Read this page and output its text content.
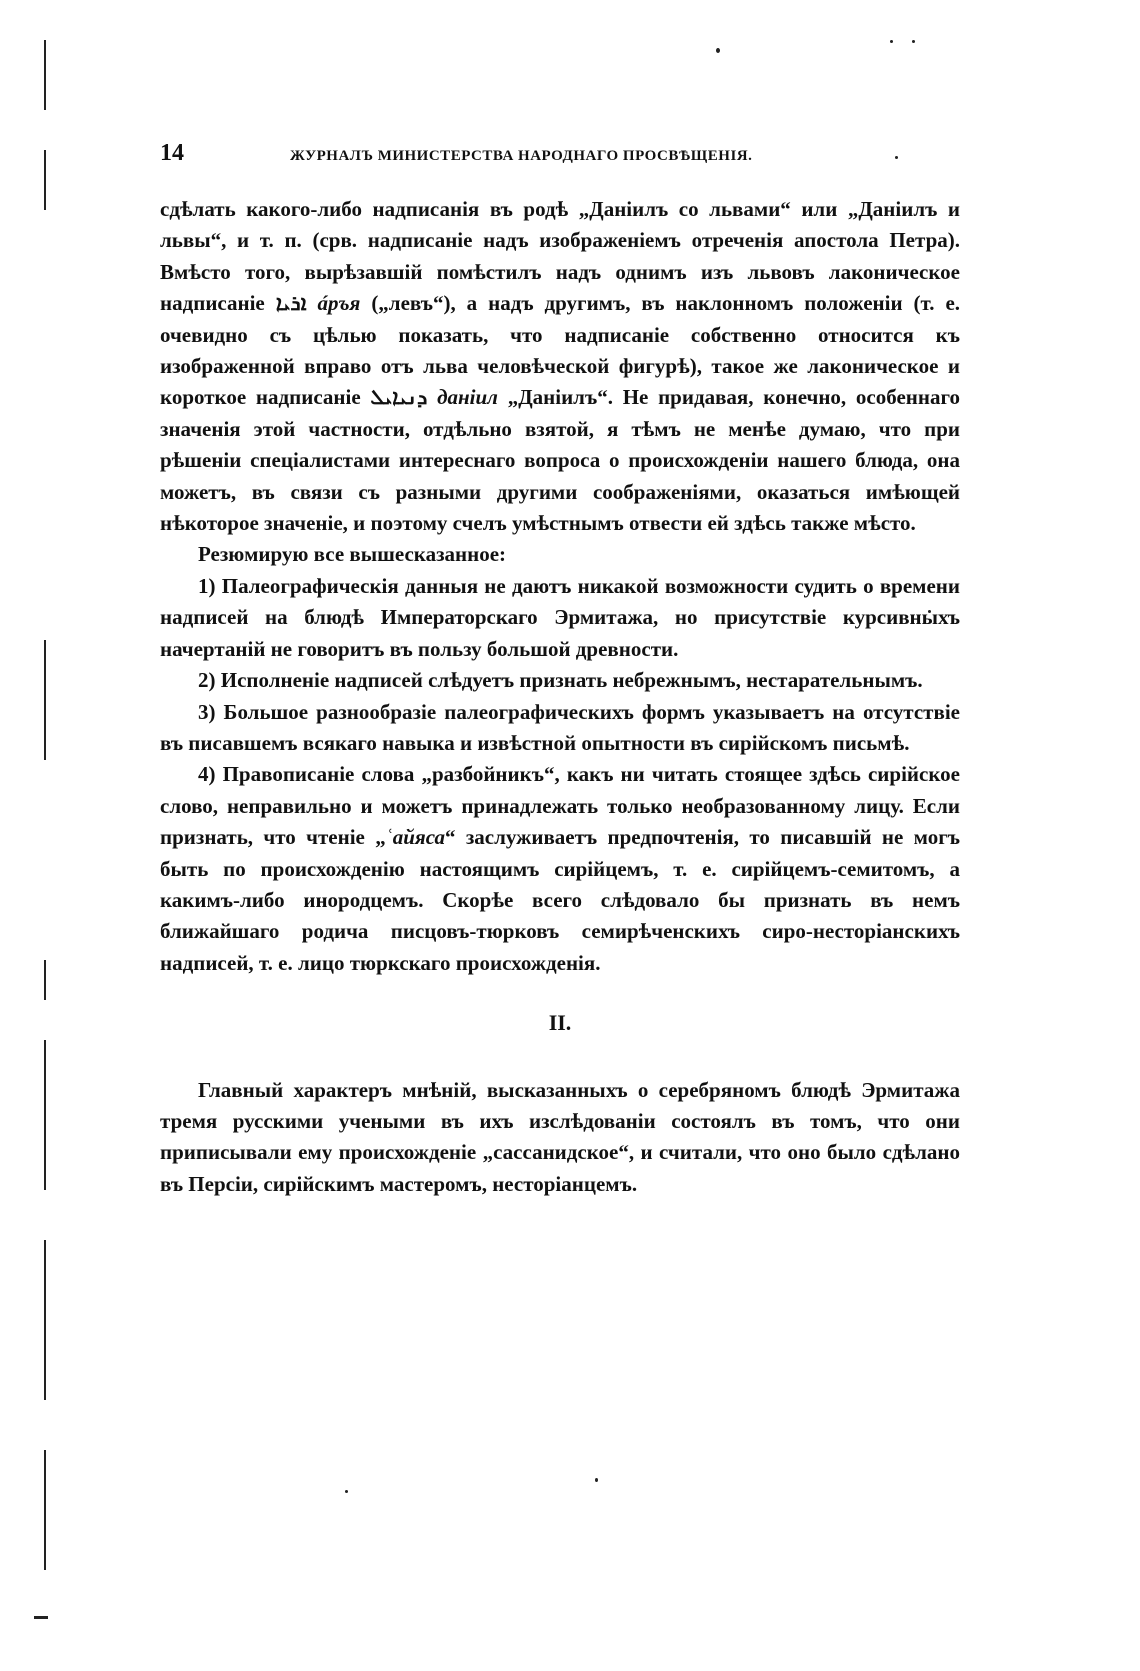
14	ЖУРНАЛЪ МИНИСТЕРСТВА НАРОДНАГО ПРОСВѢЩЕНІЯ.

сдѣлать какого-либо надписанія въ родѣ „Даніилъ со львами“ или „Даніилъ и львы“, и т. п. (срв. надписаніе надъ изображеніемъ отреченія апостола Петра). Вмѣсто того, вырѣзавшій помѣстилъ надъ однимъ изъ львовъ лаконическое надписаніе ܐܪܝܐ ápъя („левъ“), а надъ другимъ, въ наклонномъ положеніи (т. е. очевидно съ цѣлью показать, что надписаніе собственно относится къ изображенной вправо отъ льва человѣческой фигурѣ), такое же лаконическое и короткое надписаніе ܕܢܝܐܝܠ даніил „Даніилъ“. Не придавая, конечно, особеннаго значенія этой частности, отдѣльно взятой, я тѣмъ не менѣе думаю, что при рѣшеніи спеціалистами интереснаго вопроса о происхожденіи нашего блюда, она можетъ, въ связи съ разными другими соображеніями, оказаться имѣющей нѣкоторое значеніе, и поэтому счелъ умѣстнымъ отвести ей здѣсь также мѣсто.

Резюмирую все вышесказанное:

1) Палеографическія данныя не даютъ никакой возможности судить о времени надписей на блюдѣ Императорскаго Эрмитажа, но присутствіе курсивныхъ начертаній не говоритъ въ пользу большой древности.

2) Исполненіе надписей слѣдуетъ признать небрежнымъ, нестарательнымъ.

3) Большое разнообразіе палеографическихъ формъ указываетъ на отсутствіе въ писавшемъ всякаго навыка и извѣстной опытности въ сирійскомъ письмѣ.

4) Правописаніе слова „разбойникъ“, какъ ни читать стоящее здѣсь сирійское слово, неправильно и можетъ принадлежать только необразованному лицу. Если признать, что чтеніе „ʿайяса“ заслуживаетъ предпочтенія, то писавшій не могъ быть по происхожденію настоящимъ сирійцемъ, т. е. сирійцемъ-семитомъ, а какимъ-либо инородцемъ. Скорѣе всего слѣдовало бы признать въ немъ ближайшаго родича писцовъ-тюрковъ семирѣченскихъ сиро-несторіанскихъ надписей, т. е. лицо тюркскаго происхожденія.

II.

Главный характеръ мнѣній, высказанныхъ о серебряномъ блюдѣ Эрмитажа тремя русскими учеными въ ихъ изслѣдованіи состоялъ въ томъ, что они приписывали ему происхожденіе „сассанидское“, и считали, что оно было сдѣлано въ Персіи, сирійскимъ мастеромъ, несторіанцемъ.
